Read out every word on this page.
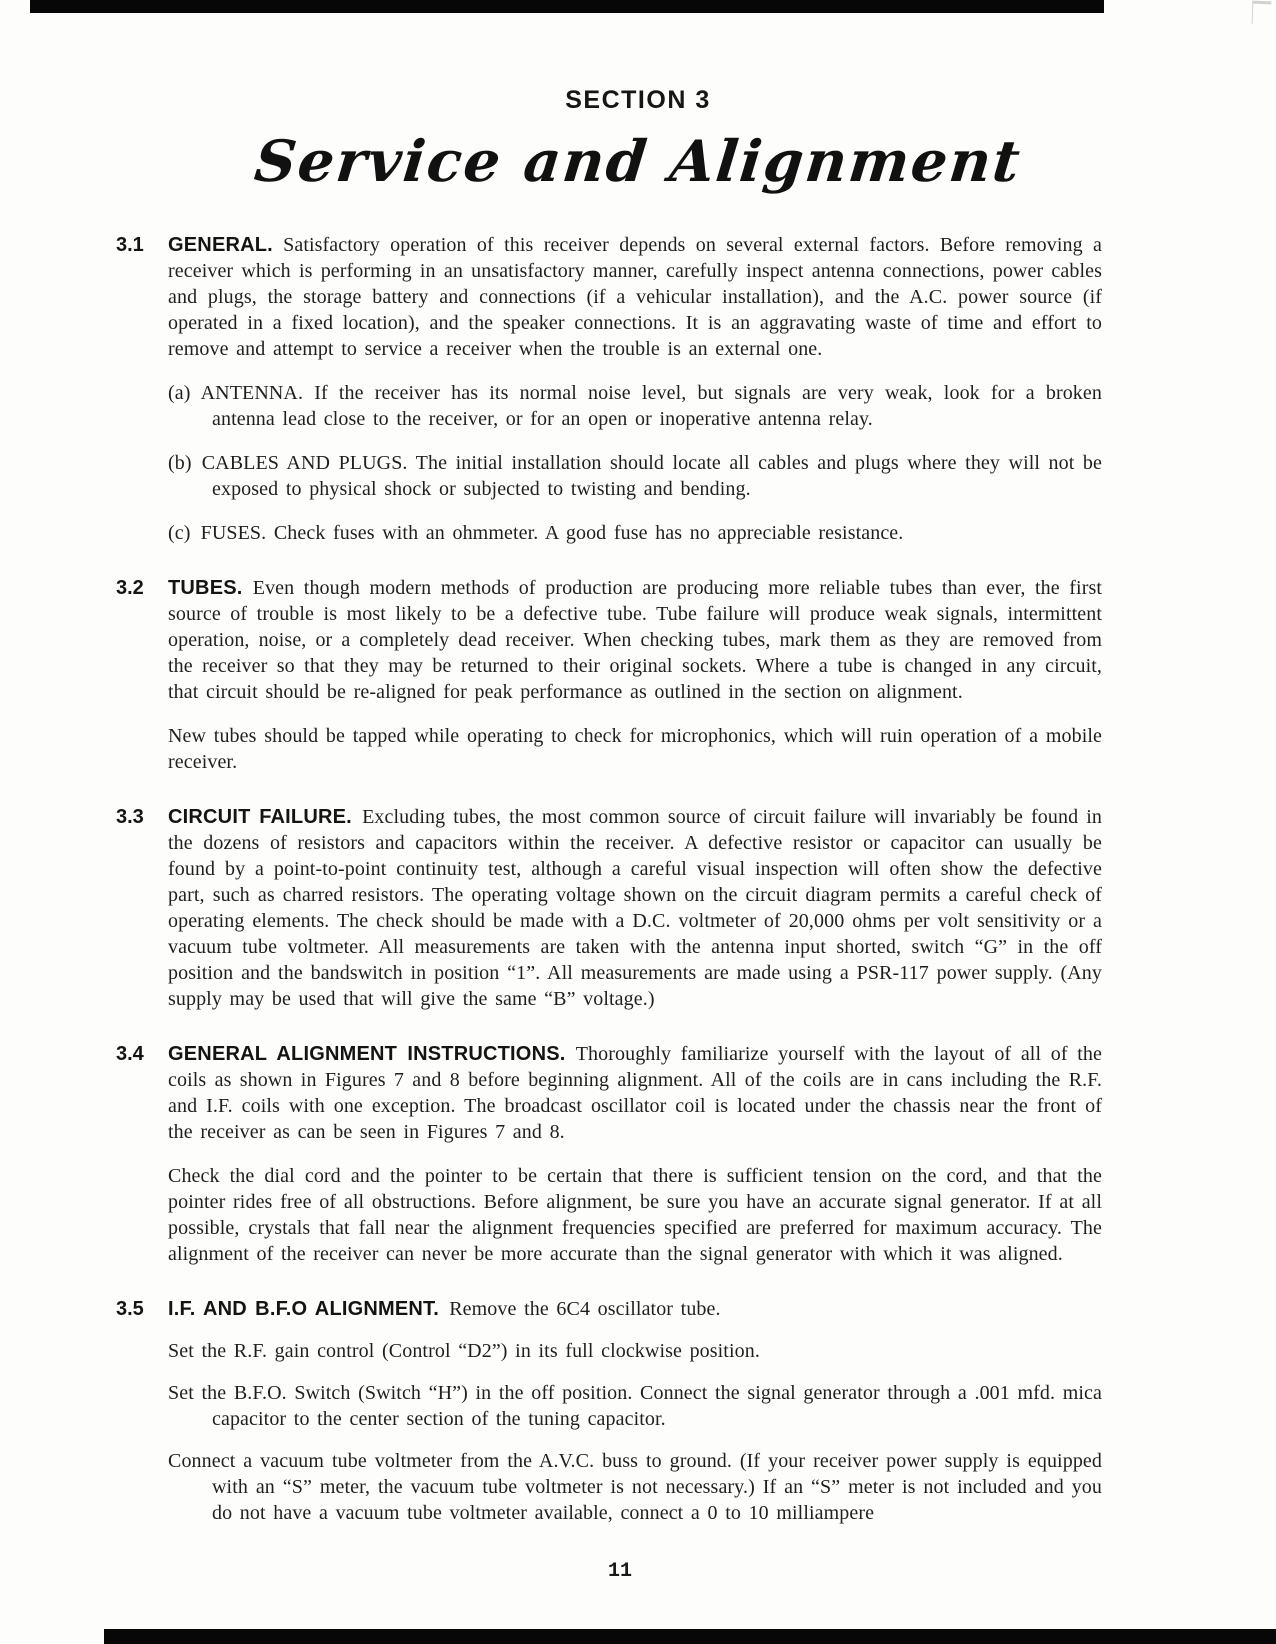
SECTION 3
Service and Alignment
3.1 GENERAL. Satisfactory operation of this receiver depends on several external factors. Before removing a receiver which is performing in an unsatisfactory manner, carefully inspect antenna connections, power cables and plugs, the storage battery and connections (if a vehicular installation), and the A.C. power source (if operated in a fixed location), and the speaker connections. It is an aggravating waste of time and effort to remove and attempt to service a receiver when the trouble is an external one.

(a) ANTENNA. If the receiver has its normal noise level, but signals are very weak, look for a broken antenna lead close to the receiver, or for an open or inoperative antenna relay.

(b) CABLES AND PLUGS. The initial installation should locate all cables and plugs where they will not be exposed to physical shock or subjected to twisting and bending.

(c) FUSES. Check fuses with an ohmmeter. A good fuse has no appreciable resistance.

3.2 TUBES. Even though modern methods of production are producing more reliable tubes than ever, the first source of trouble is most likely to be a defective tube. Tube failure will produce weak signals, intermittent operation, noise, or a completely dead receiver. When checking tubes, mark them as they are removed from the receiver so that they may be returned to their original sockets. Where a tube is changed in any circuit, that circuit should be re-aligned for peak performance as outlined in the section on alignment.

New tubes should be tapped while operating to check for microphonics, which will ruin operation of a mobile receiver.

3.3 CIRCUIT FAILURE. Excluding tubes, the most common source of circuit failure will invariably be found in the dozens of resistors and capacitors within the receiver. A defective resistor or capacitor can usually be found by a point-to-point continuity test, although a careful visual inspection will often show the defective part, such as charred resistors. The operating voltage shown on the circuit diagram permits a careful check of operating elements. The check should be made with a D.C. voltmeter of 20,000 ohms per volt sensitivity or a vacuum tube voltmeter. All measurements are taken with the antenna input shorted, switch “G” in the off position and the bandswitch in position “1”. All measurements are made using a PSR-117 power supply. (Any supply may be used that will give the same “B” voltage.)

3.4 GENERAL ALIGNMENT INSTRUCTIONS. Thoroughly familiarize yourself with the layout of all of the coils as shown in Figures 7 and 8 before beginning alignment. All of the coils are in cans including the R.F. and I.F. coils with one exception. The broadcast oscillator coil is located under the chassis near the front of the receiver as can be seen in Figures 7 and 8.

Check the dial cord and the pointer to be certain that there is sufficient tension on the cord, and that the pointer rides free of all obstructions. Before alignment, be sure you have an accurate signal generator. If at all possible, crystals that fall near the alignment frequencies specified are preferred for maximum accuracy. The alignment of the receiver can never be more accurate than the signal generator with which it was aligned.

3.5 I.F. AND B.F.O ALIGNMENT. Remove the 6C4 oscillator tube.

Set the R.F. gain control (Control “D2”) in its full clockwise position.

Set the B.F.O. Switch (Switch “H”) in the off position. Connect the signal generator through a .001 mfd. mica capacitor to the center section of the tuning capacitor.

Connect a vacuum tube voltmeter from the A.V.C. buss to ground. (If your receiver power supply is equipped with an “S” meter, the vacuum tube voltmeter is not necessary.) If an “S” meter is not included and you do not have a vacuum tube voltmeter available, connect a 0 to 10 milliampere

11
